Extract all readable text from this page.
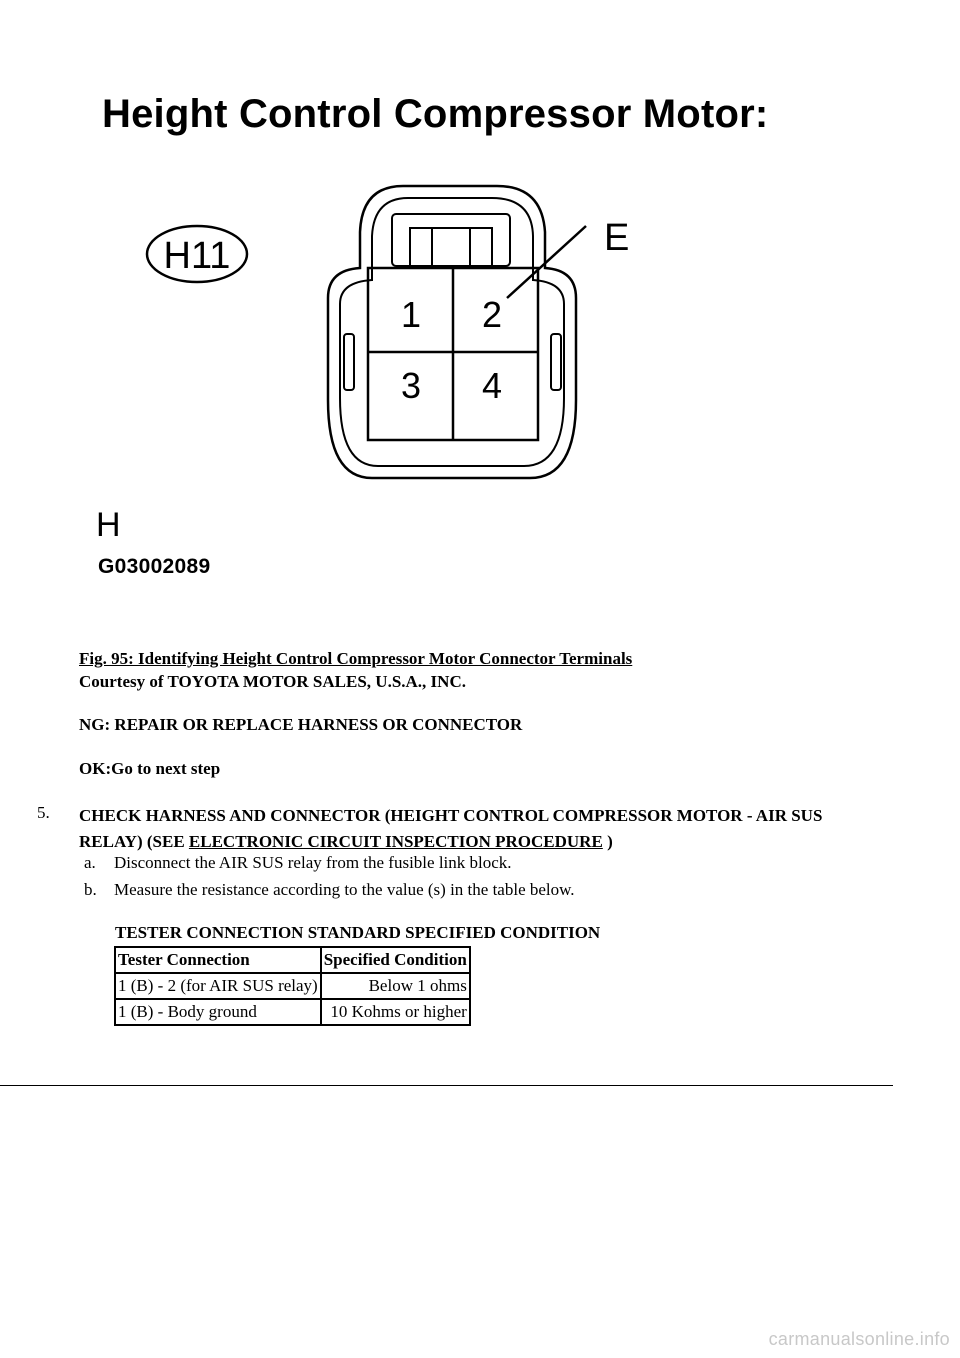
Height Control Compressor Motor:
H11
1 2
3 4
E
H
G03002089
Fig. 95: Identifying Height Control Compressor Motor Connector Terminals
Courtesy of TOYOTA MOTOR SALES, U.S.A., INC.
NG: REPAIR OR REPLACE HARNESS OR CONNECTOR
OK:Go to next step
5. CHECK HARNESS AND CONNECTOR (HEIGHT CONTROL COMPRESSOR MOTOR - AIR SUS RELAY) (SEE ELECTRONIC CIRCUIT INSPECTION PROCEDURE )
a. Disconnect the AIR SUS relay from the fusible link block.
b. Measure the resistance according to the value (s) in the table below.
TESTER CONNECTION STANDARD SPECIFIED CONDITION
Tester Connection	Specified Condition
1 (B) - 2 (for AIR SUS relay)	Below 1 ohms
1 (B) - Body ground	10 Kohms or higher
carmanualsonline.info
